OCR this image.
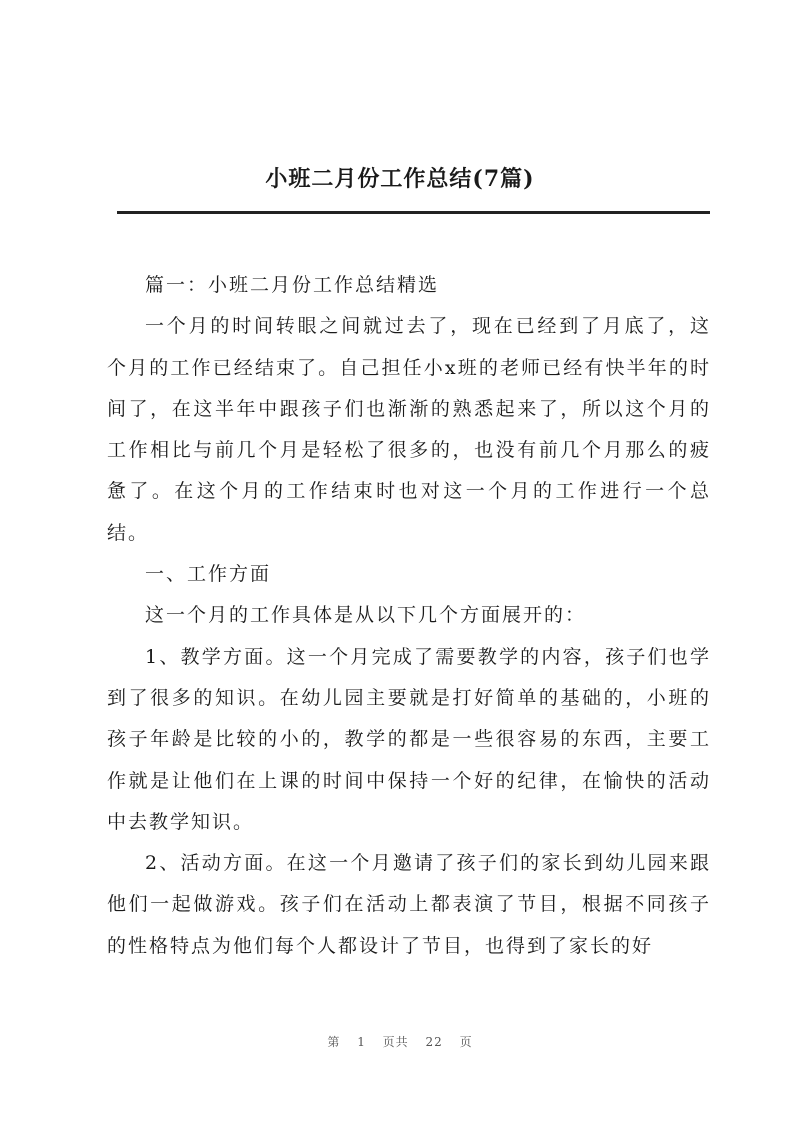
小班二月份工作总结(7篇)

篇一：小班二月份工作总结精选

一个月的时间转眼之间就过去了，现在已经到了月底了，这个月的工作已经结束了。自己担任小x班的老师已经有快半年的时间了，在这半年中跟孩子们也渐渐的熟悉起来了，所以这个月的工作相比与前几个月是轻松了很多的，也没有前几个月那么的疲惫了。在这个月的工作结束时也对这一个月的工作进行一个总结。

一、工作方面

这一个月的工作具体是从以下几个方面展开的：

1、教学方面。这一个月完成了需要教学的内容，孩子们也学到了很多的知识。在幼儿园主要就是打好简单的基础的，小班的孩子年龄是比较的小的，教学的都是一些很容易的东西，主要工作就是让他们在上课的时间中保持一个好的纪律，在愉快的活动中去教学知识。

2、活动方面。在这一个月邀请了孩子们的家长到幼儿园来跟他们一起做游戏。孩子们在活动上都表演了节目，根据不同孩子的性格特点为他们每个人都设计了节目，也得到了家长的好

第 1 页共 22 页
